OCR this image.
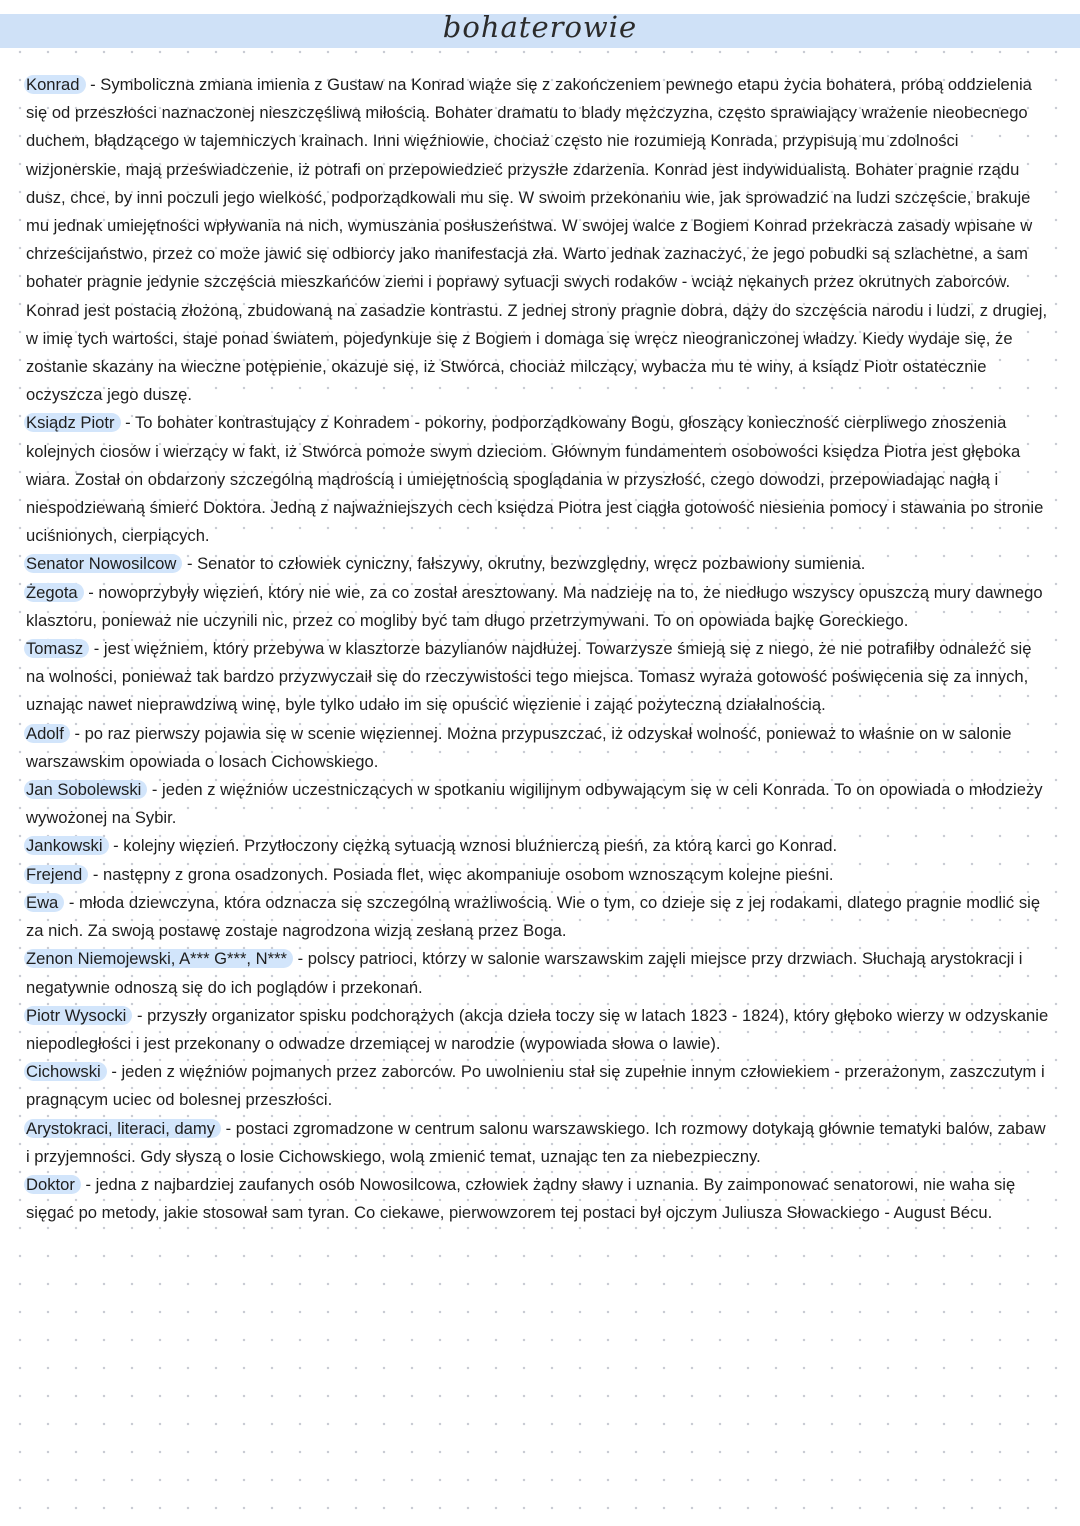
bohaterowie

Konrad - Symboliczna zmiana imienia z Gustaw na Konrad wiąże się z zakończeniem pewnego etapu życia bohatera, próbą oddzielenia się od przeszłości naznaczonej nieszczęśliwą miłością. Bohater dramatu to blady mężczyzna, często sprawiający wrażenie nieobecnego duchem, błądzącego w tajemniczych krainach. Inni więźniowie, chociaż często nie rozumieją Konrada, przypisują mu zdolności wizjonerskie, mają przeświadczenie, iż potrafi on przepowiedzieć przyszłe zdarzenia. Konrad jest indywidualistą. Bohater pragnie rządu dusz, chce, by inni poczuli jego wielkość, podporządkowali mu się. W swoim przekonaniu wie, jak sprowadzić na ludzi szczęście, brakuje mu jednak umiejętności wpływania na nich, wymuszania posłuszeństwa. W swojej walce z Bogiem Konrad przekracza zasady wpisane w chrześcijaństwo, przez co może jawić się odbiorcy jako manifestacja zła. Warto jednak zaznaczyć, że jego pobudki są szlachetne, a sam bohater pragnie jedynie szczęścia mieszkańców ziemi i poprawy sytuacji swych rodaków - wciąż nękanych przez okrutnych zaborców. Konrad jest postacią złożoną, zbudowaną na zasadzie kontrastu. Z jednej strony pragnie dobra, dąży do szczęścia narodu i ludzi, z drugiej, w imię tych wartości, staje ponad światem, pojedynkuje się z Bogiem i domaga się wręcz nieograniczonej władzy. Kiedy wydaje się, że zostanie skazany na wieczne potępienie, okazuje się, iż Stwórca, chociaż milczący, wybacza mu te winy, a ksiądz Piotr ostatecznie oczyszcza jego duszę.

Ksiądz Piotr - To bohater kontrastujący z Konradem - pokorny, podporządkowany Bogu, głoszący konieczność cierpliwego znoszenia kolejnych ciosów i wierzący w fakt, iż Stwórca pomoże swym dzieciom. Głównym fundamentem osobowości księdza Piotra jest głęboka wiara. Został on obdarzony szczególną mądrością i umiejętnością spoglądania w przyszłość, czego dowodzi, przepowiadając nagłą i niespodziewaną śmierć Doktora. Jedną z najważniejszych cech księdza Piotra jest ciągła gotowość niesienia pomocy i stawania po stronie uciśnionych, cierpiących.

Senator Nowosilcow - Senator to człowiek cyniczny, fałszywy, okrutny, bezwzględny, wręcz pozbawiony sumienia.

Żegota - nowoprzybyły więzień, który nie wie, za co został aresztowany. Ma nadzieję na to, że niedługo wszyscy opuszczą mury dawnego klasztoru, ponieważ nie uczynili nic, przez co mogliby być tam długo przetrzymywani. To on opowiada bajkę Goreckiego.

Tomasz - jest więźniem, który przebywa w klasztorze bazylianów najdłużej. Towarzysze śmieją się z niego, że nie potrafiłby odnaleźć się na wolności, ponieważ tak bardzo przyzwyczaił się do rzeczywistości tego miejsca. Tomasz wyraża gotowość poświęcenia się za innych, uznając nawet nieprawdziwą winę, byle tylko udało im się opuścić więzienie i zająć pożyteczną działalnością.

Adolf - po raz pierwszy pojawia się w scenie więziennej. Można przypuszczać, iż odzyskał wolność, ponieważ to właśnie on w salonie warszawskim opowiada o losach Cichowskiego.

Jan Sobolewski - jeden z więźniów uczestniczących w spotkaniu wigilijnym odbywającym się w celi Konrada. To on opowiada o młodzieży wywożonej na Sybir.

Jankowski - kolejny więzień. Przytłoczony ciężką sytuacją wznosi bluźnierczą pieśń, za którą karci go Konrad.

Frejend - następny z grona osadzonych. Posiada flet, więc akompaniuje osobom wznoszącym kolejne pieśni.

Ewa - młoda dziewczyna, która odznacza się szczególną wrażliwością. Wie o tym, co dzieje się z jej rodakami, dlatego pragnie modlić się za nich. Za swoją postawę zostaje nagrodzona wizją zesłaną przez Boga.

Zenon Niemojewski, A*** G***, N*** - polscy patrioci, którzy w salonie warszawskim zajęli miejsce przy drzwiach. Słuchają arystokracji i negatywnie odnoszą się do ich poglądów i przekonań.

Piotr Wysocki - przyszły organizator spisku podchorążych (akcja dzieła toczy się w latach 1823 - 1824), który głęboko wierzy w odzyskanie niepodległości i jest przekonany o odwadze drzemiącej w narodzie (wypowiada słowa o lawie).

Cichowski - jeden z więźniów pojmanych przez zaborców. Po uwolnieniu stał się zupełnie innym człowiekiem - przerażonym, zaszczutym i pragnącym uciec od bolesnej przeszłości.

Arystokraci, literaci, damy - postaci zgromadzone w centrum salonu warszawskiego. Ich rozmowy dotykają głównie tematyki balów, zabaw i przyjemności. Gdy słyszą o losie Cichowskiego, wolą zmienić temat, uznając ten za niebezpieczny.

Doktor - jedna z najbardziej zaufanych osób Nowosilcowa, człowiek żądny sławy i uznania. By zaimponować senatorowi, nie waha się sięgać po metody, jakie stosował sam tyran. Co ciekawe, pierwowzorem tej postaci był ojczym Juliusza Słowackiego - August Bécu.
